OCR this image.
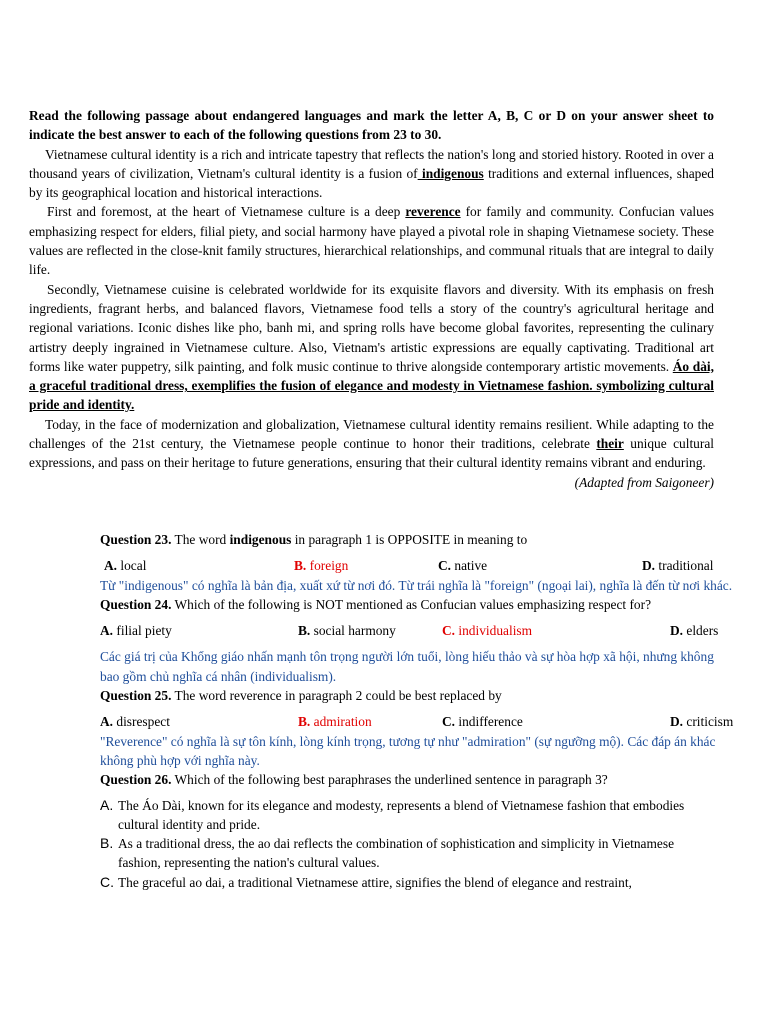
Read the following passage about endangered languages and mark the letter A, B, C or D on your answer sheet to indicate the best answer to each of the following questions from 23 to 30.

Vietnamese cultural identity is a rich and intricate tapestry that reflects the nation's long and storied history. Rooted in over a thousand years of civilization, Vietnam's cultural identity is a fusion of indigenous traditions and external influences, shaped by its geographical location and historical interactions.

First and foremost, at the heart of Vietnamese culture is a deep reverence for family and community. Confucian values emphasizing respect for elders, filial piety, and social harmony have played a pivotal role in shaping Vietnamese society. These values are reflected in the close-knit family structures, hierarchical relationships, and communal rituals that are integral to daily life.

Secondly, Vietnamese cuisine is celebrated worldwide for its exquisite flavors and diversity. With its emphasis on fresh ingredients, fragrant herbs, and balanced flavors, Vietnamese food tells a story of the country's agricultural heritage and regional variations. Iconic dishes like pho, banh mi, and spring rolls have become global favorites, representing the culinary artistry deeply ingrained in Vietnamese culture. Also, Vietnam's artistic expressions are equally captivating. Traditional art forms like water puppetry, silk painting, and folk music continue to thrive alongside contemporary artistic movements. Áo dài, a graceful traditional dress, exemplifies the fusion of elegance and modesty in Vietnamese fashion. symbolizing cultural pride and identity.

Today, in the face of modernization and globalization, Vietnamese cultural identity remains resilient. While adapting to the challenges of the 21st century, the Vietnamese people continue to honor their traditions, celebrate their unique cultural expressions, and pass on their heritage to future generations, ensuring that their cultural identity remains vibrant and enduring.

(Adapted from Saigoneer)

Question 23. The word indigenous in paragraph 1 is OPPOSITE in meaning to

A. local	B. foreign	C. native	D. traditional

Từ "indigenous" có nghĩa là bản địa, xuất xứ từ nơi đó. Từ trái nghĩa là "foreign" (ngoại lai), nghĩa là đến từ nơi khác.

Question 24. Which of the following is NOT mentioned as Confucian values emphasizing respect for?

A. filial piety	B. social harmony	C. individualism	D. elders

Các giá trị của Khổng giáo nhấn mạnh tôn trọng người lớn tuổi, lòng hiếu thảo và sự hòa hợp xã hội, nhưng không bao gồm chủ nghĩa cá nhân (individualism).

Question 25. The word reverence in paragraph 2 could be best replaced by

A. disrespect	B. admiration	C. indifference	D. criticism

"Reverence" có nghĩa là sự tôn kính, lòng kính trọng, tương tự như "admiration" (sự ngưỡng mộ). Các đáp án khác không phù hợp với nghĩa này.

Question 26. Which of the following best paraphrases the underlined sentence in paragraph 3?

A. The Áo Dài, known for its elegance and modesty, represents a blend of Vietnamese fashion that embodies cultural identity and pride.
B. As a traditional dress, the ao dai reflects the combination of sophistication and simplicity in Vietnamese fashion, representing the nation's cultural values.
C. The graceful ao dai, a traditional Vietnamese attire, signifies the blend of elegance and restraint,
